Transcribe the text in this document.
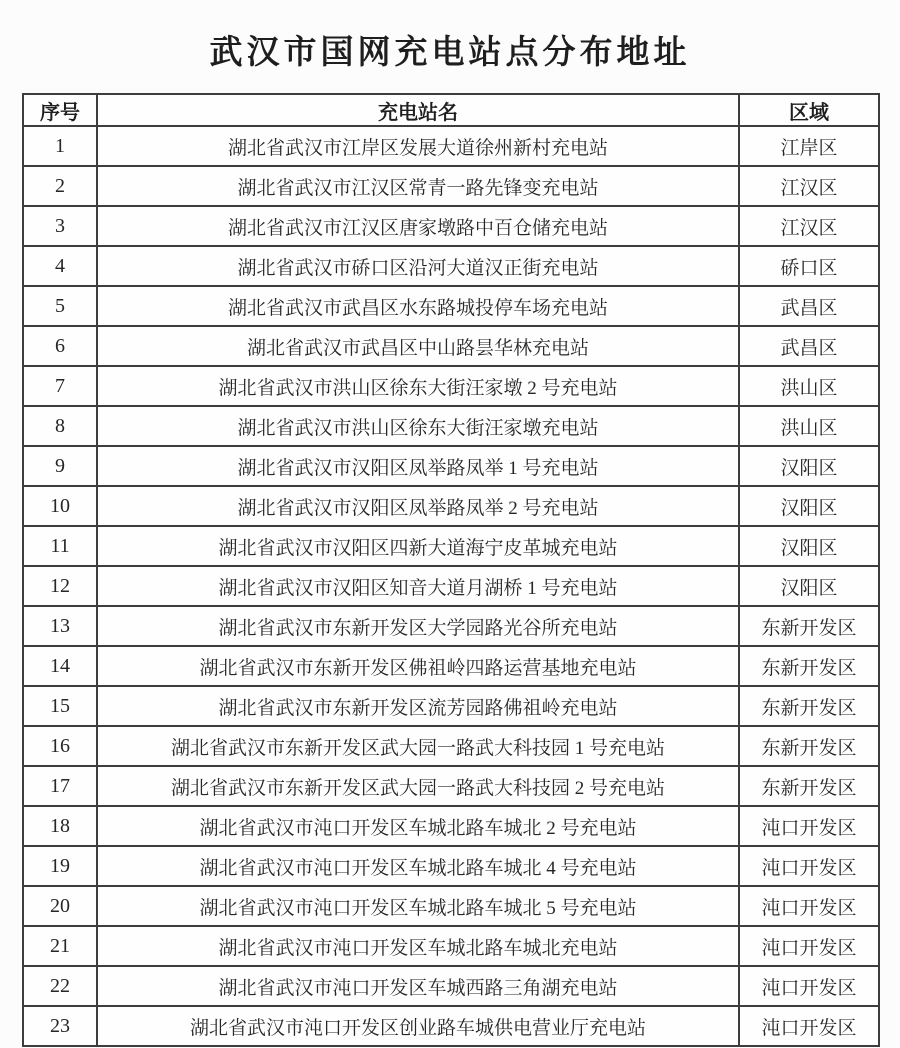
武汉市国网充电站点分布地址
序号	充电站名	区域
1	湖北省武汉市江岸区发展大道徐州新村充电站	江岸区
2	湖北省武汉市江汉区常青一路先锋变充电站	江汉区
3	湖北省武汉市江汉区唐家墩路中百仓储充电站	江汉区
4	湖北省武汉市硚口区沿河大道汉正街充电站	硚口区
5	湖北省武汉市武昌区水东路城投停车场充电站	武昌区
6	湖北省武汉市武昌区中山路昙华林充电站	武昌区
7	湖北省武汉市洪山区徐东大街汪家墩 2 号充电站	洪山区
8	湖北省武汉市洪山区徐东大街汪家墩充电站	洪山区
9	湖北省武汉市汉阳区凤举路凤举 1 号充电站	汉阳区
10	湖北省武汉市汉阳区凤举路凤举 2 号充电站	汉阳区
11	湖北省武汉市汉阳区四新大道海宁皮革城充电站	汉阳区
12	湖北省武汉市汉阳区知音大道月湖桥 1 号充电站	汉阳区
13	湖北省武汉市东新开发区大学园路光谷所充电站	东新开发区
14	湖北省武汉市东新开发区佛祖岭四路运营基地充电站	东新开发区
15	湖北省武汉市东新开发区流芳园路佛祖岭充电站	东新开发区
16	湖北省武汉市东新开发区武大园一路武大科技园 1 号充电站	东新开发区
17	湖北省武汉市东新开发区武大园一路武大科技园 2 号充电站	东新开发区
18	湖北省武汉市沌口开发区车城北路车城北 2 号充电站	沌口开发区
19	湖北省武汉市沌口开发区车城北路车城北 4 号充电站	沌口开发区
20	湖北省武汉市沌口开发区车城北路车城北 5 号充电站	沌口开发区
21	湖北省武汉市沌口开发区车城北路车城北充电站	沌口开发区
22	湖北省武汉市沌口开发区车城西路三角湖充电站	沌口开发区
23	湖北省武汉市沌口开发区创业路车城供电营业厅充电站	沌口开发区
